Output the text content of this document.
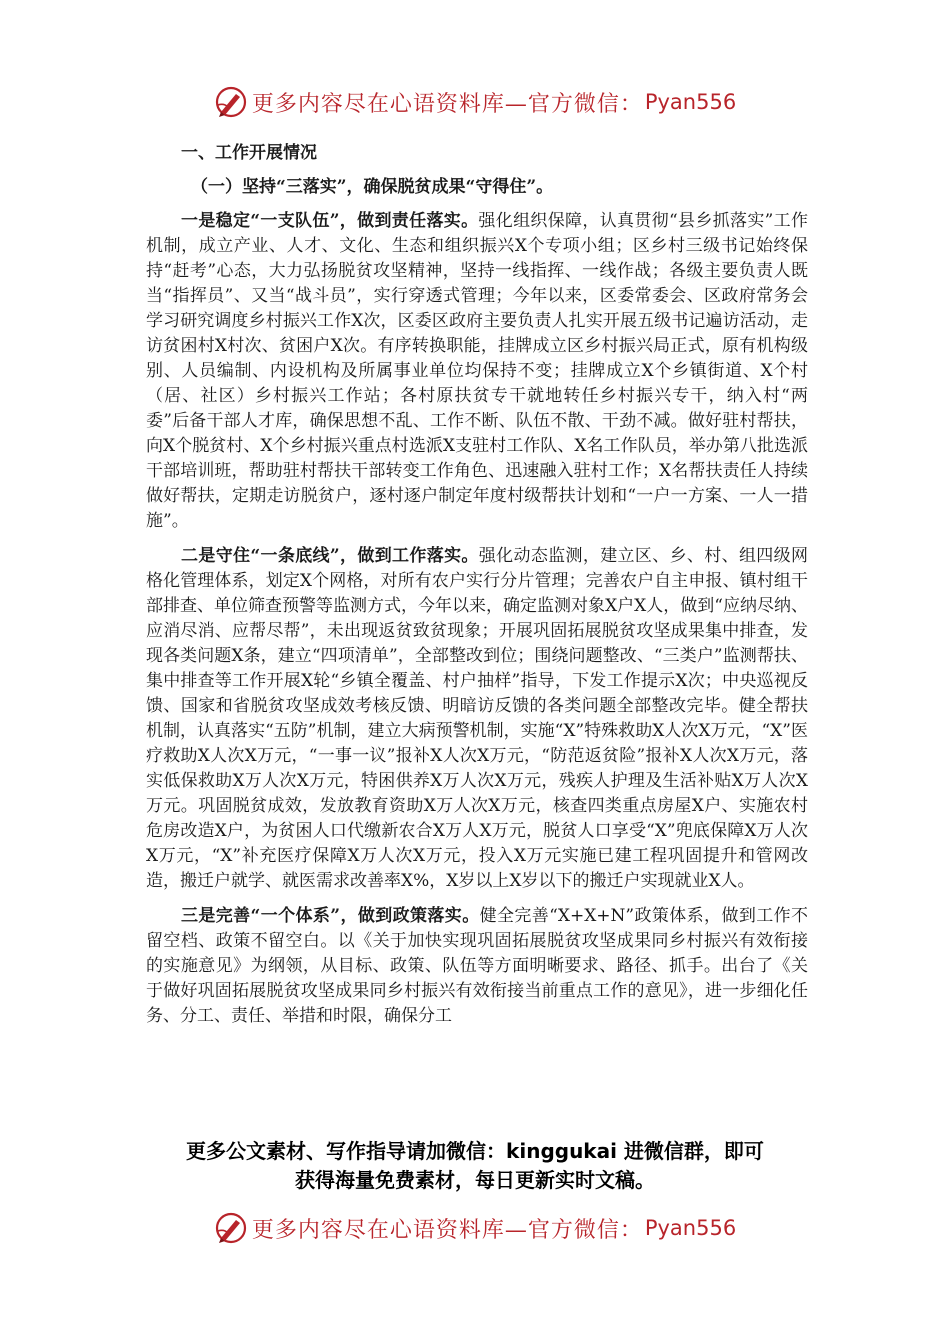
更多内容尽在心语资料库—官方微信： Pyan556
一、工作开展情况
（一）坚持“三落实”，确保脱贫成果“守得住”。

一是稳定“一支队伍”，做到责任落实。强化组织保障，认真贯彻“县乡抓落实”工作机制，成立产业、人才、文化、生态和组织振兴X个专项小组；区乡村三级书记始终保持“赶考”心态，大力弘扬脱贫攻坚精神，坚持一线指挥、一线作战；各级主要负责人既当“指挥员”、又当“战斗员”，实行穿透式管理；今年以来，区委常委会、区政府常务会学习研究调度乡村振兴工作X次，区委区政府主要负责人扎实开展五级书记遍访活动，走访贫困村X村次、贫困户X次。有序转换职能，挂牌成立区乡村振兴局正式，原有机构级别、人员编制、内设机构及所属事业单位均保持不变；挂牌成立X个乡镇街道、X个村（居、社区）乡村振兴工作站；各村原扶贫专干就地转任乡村振兴专干，纳入村“两委”后备干部人才库，确保思想不乱、工作不断、队伍不散、干劲不减。做好驻村帮扶，向X个脱贫村、X个乡村振兴重点村选派X支驻村工作队、X名工作队员，举办第八批选派干部培训班，帮助驻村帮扶干部转变工作角色、迅速融入驻村工作；X名帮扶责任人持续做好帮扶，定期走访脱贫户，逐村逐户制定年度村级帮扶计划和“一户一方案、一人一措施”。

二是守住“一条底线”，做到工作落实。强化动态监测，建立区、乡、村、组四级网格化管理体系，划定X个网格，对所有农户实行分片管理；完善农户自主申报、镇村组干部排查、单位筛查预警等监测方式，今年以来，确定监测对象X户X人，做到“应纳尽纳、应消尽消、应帮尽帮”，未出现返贫致贫现象；开展巩固拓展脱贫攻坚成果集中排查，发现各类问题X条，建立“四项清单”，全部整改到位；围绕问题整改、“三类户”监测帮扶、集中排查等工作开展X轮“乡镇全覆盖、村户抽样”指导，下发工作提示X次；中央巡视反馈、国家和省脱贫攻坚成效考核反馈、明暗访反馈的各类问题全部整改完毕。健全帮扶机制，认真落实“五防”机制，建立大病预警机制，实施“X”特殊救助X人次X万元，“X”医疗救助X人次X万元，“一事一议”报补X人次X万元，“防范返贫险”报补X人次X万元，落实低保救助X万人次X万元，特困供养X万人次X万元，残疾人护理及生活补贴X万人次X万元。巩固脱贫成效，发放教育资助X万人次X万元，核查四类重点房屋X户、实施农村危房改造X户，为贫困人口代缴新农合X万人X万元，脱贫人口享受“X”兜底保障X万人次X万元，“X”补充医疗保障X万人次X万元，投入X万元实施已建工程巩固提升和管网改造，搬迁户就学、就医需求改善率X%，X岁以上X岁以下的搬迁户实现就业X人。

三是完善“一个体系”，做到政策落实。健全完善“X+X+N”政策体系，做到工作不留空档、政策不留空白。以《关于加快实现巩固拓展脱贫攻坚成果同乡村振兴有效衔接的实施意见》为纲领，从目标、政策、队伍等方面明晰要求、路径、抓手。出台了《关于做好巩固拓展脱贫攻坚成果同乡村振兴有效衔接当前重点工作的意见》，进一步细化任务、分工、责任、举措和时限，确保分工

更多公文素材、写作指导请加微信：kinggukai 进微信群，即可
获得海量免费素材，每日更新实时文稿。
更多内容尽在心语资料库—官方微信： Pyan556
